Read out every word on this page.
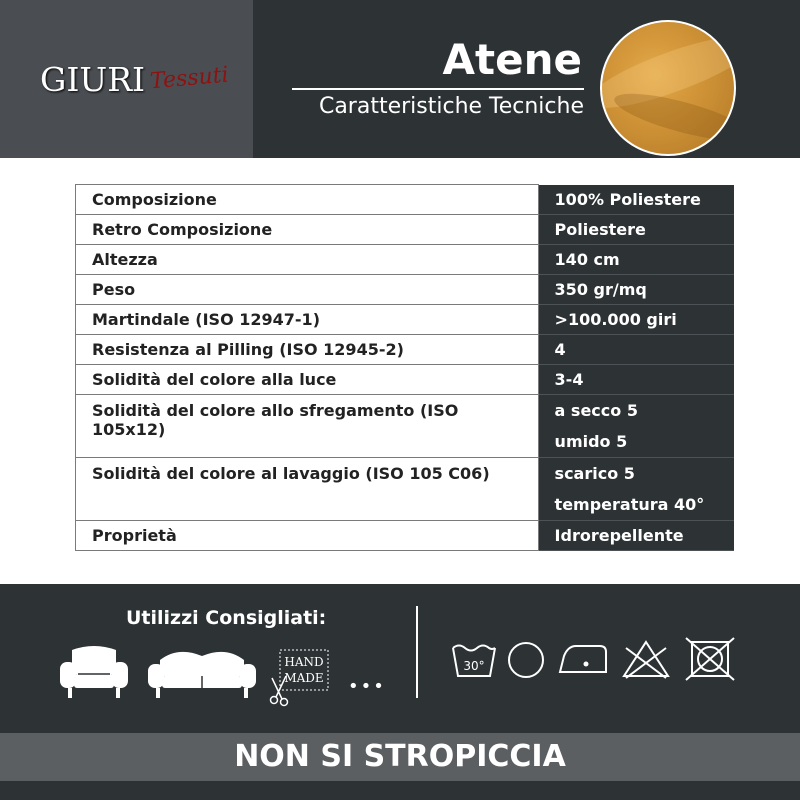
GIURI Tessuti	Atene
Caratteristiche Tecniche
Composizione	100% Poliestere
Retro Composizione	Poliestere
Altezza	140 cm
Peso	350 gr/mq
Martindale (ISO 12947-1)	>100.000 giri
Resistenza al Pilling (ISO 12945-2)	4
Solidità del colore alla luce	3-4
Solidità del colore allo sfregamento (ISO 105x12)	a secco 5
umido 5

Solidità del colore al lavaggio (ISO 105 C06)	scarico 5
temperatura 40°

Proprietà	Idrorepellente
Utilizzi Consigliati:
HAND
MADE •••
30°
NON SI STROPICCIA
